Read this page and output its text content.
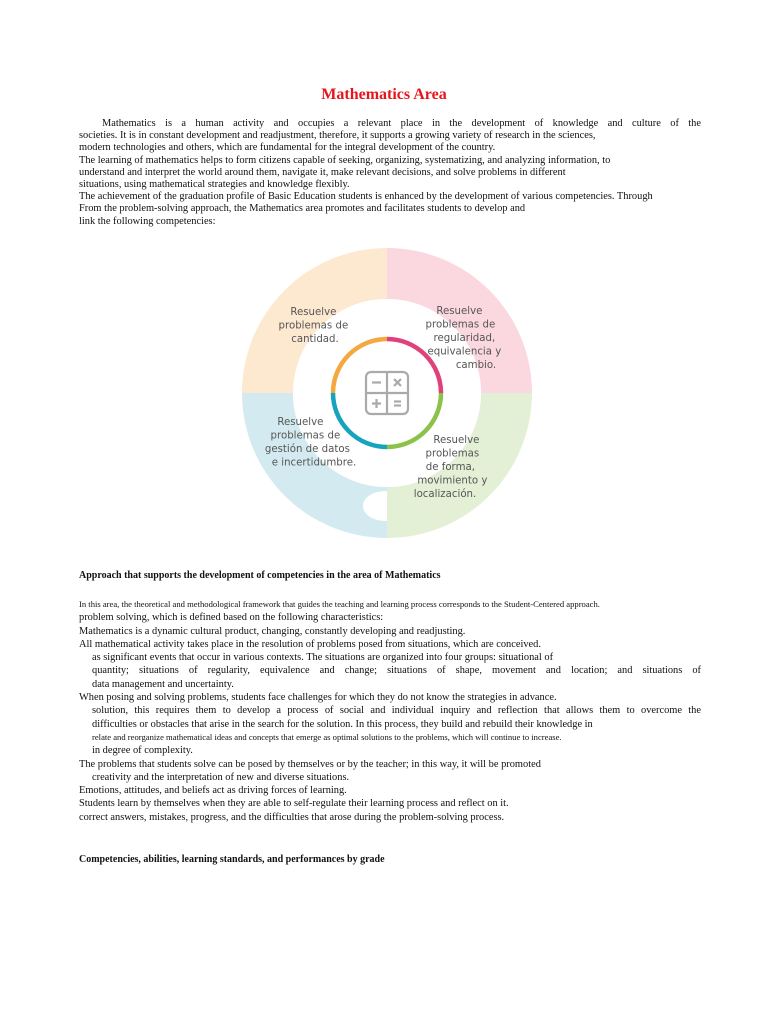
Mathematics Area
Mathematics is a human activity and occupies a relevant place in the development of knowledge and culture of the
societies. It is in constant development and readjustment, therefore, it supports a growing variety of research in the sciences,
modern technologies and others, which are fundamental for the integral development of the country.
The learning of mathematics helps to form citizens capable of seeking, organizing, systematizing, and analyzing information, to
understand and interpret the world around them, navigate it, make relevant decisions, and solve problems in different
situations, using mathematical strategies and knowledge flexibly.
The achievement of the graduation profile of Basic Education students is enhanced by the development of various competencies. Through
From the problem-solving approach, the Mathematics area promotes and facilitates students to develop and
link the following competencies:
Resuelve problemas de cantidad.
Resuelve problemas de regularidad, equivalencia y cambio.
Resuelve problemas de gestión de datos e incertidumbre.
Resuelve problemas de forma, movimiento y localización.
Approach that supports the development of competencies in the area of Mathematics
In this area, the theoretical and methodological framework that guides the teaching and learning process corresponds to the Student-Centered approach.
problem solving, which is defined based on the following characteristics:
Mathematics is a dynamic cultural product, changing, constantly developing and readjusting.
All mathematical activity takes place in the resolution of problems posed from situations, which are conceived.
as significant events that occur in various contexts. The situations are organized into four groups: situational of
quantity; situations of regularity, equivalence and change; situations of shape, movement and location; and situations of
data management and uncertainty.
When posing and solving problems, students face challenges for which they do not know the strategies in advance.
solution, this requires them to develop a process of social and individual inquiry and reflection that allows them to overcome the
difficulties or obstacles that arise in the search for the solution. In this process, they build and rebuild their knowledge in
relate and reorganize mathematical ideas and concepts that emerge as optimal solutions to the problems, which will continue to increase.
in degree of complexity.
The problems that students solve can be posed by themselves or by the teacher; in this way, it will be promoted
creativity and the interpretation of new and diverse situations.
Emotions, attitudes, and beliefs act as driving forces of learning.
Students learn by themselves when they are able to self-regulate their learning process and reflect on it.
correct answers, mistakes, progress, and the difficulties that arose during the problem-solving process.
Competencies, abilities, learning standards, and performances by grade
